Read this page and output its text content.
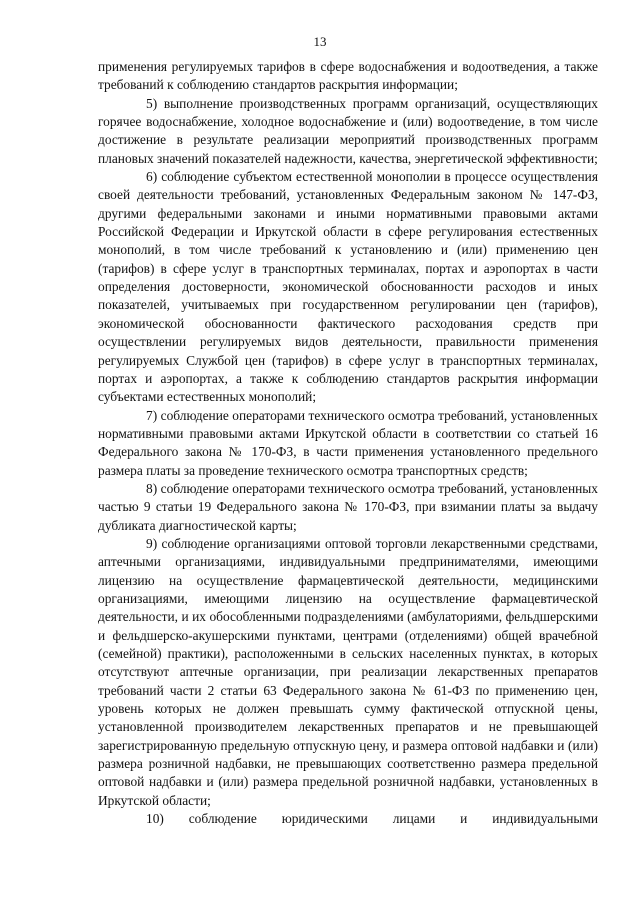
13

применения регулируемых тарифов в сфере водоснабжения и водоотведения, а также требований к соблюдению стандартов раскрытия информации;

5) выполнение производственных программ организаций, осуществляющих горячее водоснабжение, холодное водоснабжение и (или) водоотведение, в том числе достижение в результате реализации мероприятий производственных программ плановых значений показателей надежности, качества, энергетической эффективности;

6) соблюдение субъектом естественной монополии в процессе осуществления своей деятельности требований, установленных Федеральным законом № 147-ФЗ, другими федеральными законами и иными нормативными правовыми актами Российской Федерации и Иркутской области в сфере регулирования естественных монополий, в том числе требований к установлению и (или) применению цен (тарифов) в сфере услуг в транспортных терминалах, портах и аэропортах в части определения достоверности, экономической обоснованности расходов и иных показателей, учитываемых при государственном регулировании цен (тарифов), экономической обоснованности фактического расходования средств при осуществлении регулируемых видов деятельности, правильности применения регулируемых Службой цен (тарифов) в сфере услуг в транспортных терминалах, портах и аэропортах, а также к соблюдению стандартов раскрытия информации субъектами естественных монополий;

7) соблюдение операторами технического осмотра требований, установленных нормативными правовыми актами Иркутской области в соответствии со статьей 16 Федерального закона № 170-ФЗ, в части применения установленного предельного размера платы за проведение технического осмотра транспортных средств;

8) соблюдение операторами технического осмотра требований, установленных частью 9 статьи 19 Федерального закона № 170-ФЗ, при взимании платы за выдачу дубликата диагностической карты;

9) соблюдение организациями оптовой торговли лекарственными средствами, аптечными организациями, индивидуальными предпринимателями, имеющими лицензию на осуществление фармацевтической деятельности, медицинскими организациями, имеющими лицензию на осуществление фармацевтической деятельности, и их обособленными подразделениями (амбулаториями, фельдшерскими и фельдшерско-акушерскими пунктами, центрами (отделениями) общей врачебной (семейной) практики), расположенными в сельских населенных пунктах, в которых отсутствуют аптечные организации, при реализации лекарственных препаратов требований части 2 статьи 63 Федерального закона № 61-ФЗ по применению цен, уровень которых не должен превышать сумму фактической отпускной цены, установленной производителем лекарственных препаратов и не превышающей зарегистрированную предельную отпускную цену, и размера оптовой надбавки и (или) размера розничной надбавки, не превышающих соответственно размера предельной оптовой надбавки и (или) размера предельной розничной надбавки, установленных в Иркутской области;

10) соблюдение юридическими лицами и индивидуальными
